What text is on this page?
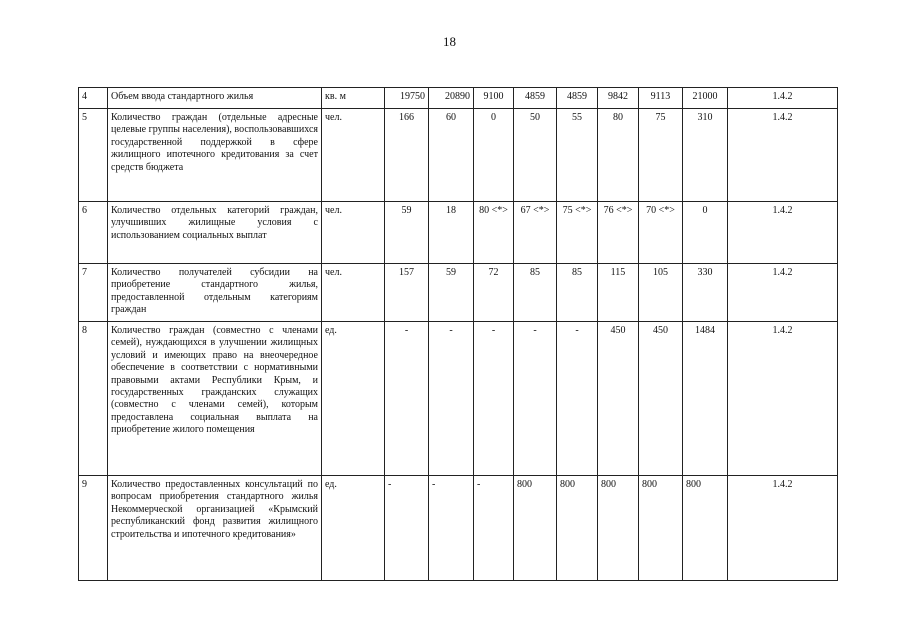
18
4	Объем ввода стандартного жилья	кв. м	19750	20890	9100	4859	4859	9842	9113	21000	1.4.2
5	Количество граждан (отдельные адресные целевые группы населения), воспользовавшихся государственной поддержкой в сфере жилищного ипотечного кредитования за счет средств бюджета	чел.	166	60	0	50	55	80	75	310	1.4.2
6	Количество отдельных категорий граждан, улучшивших жилищные условия с использованием социальных выплат	чел.	59	18	80 <*>	67 <*>	75 <*>	76 <*>	70 <*>	0	1.4.2
7	Количество получателей субсидии на приобретение стандартного жилья, предоставленной отдельным категориям граждан	чел.	157	59	72	85	85	115	105	330	1.4.2
8	Количество граждан (совместно с членами семей), нуждающихся в улучшении жилищных условий и имеющих право на внеочередное обеспечение в соответствии с нормативными правовыми актами Республики Крым, и государственных гражданских служащих (совместно с членами семей), которым предоставлена социальная выплата на приобретение жилого помещения	ед.	-	-	-	-	-	450	450	1484	1.4.2
9	Количество предоставленных консультаций по вопросам приобретения стандартного жилья Некоммерческой организацией «Крымский республиканский фонд развития жилищного строительства и ипотечного кредитования»	ед.	-	-	-	800	800	800	800	800	1.4.2
